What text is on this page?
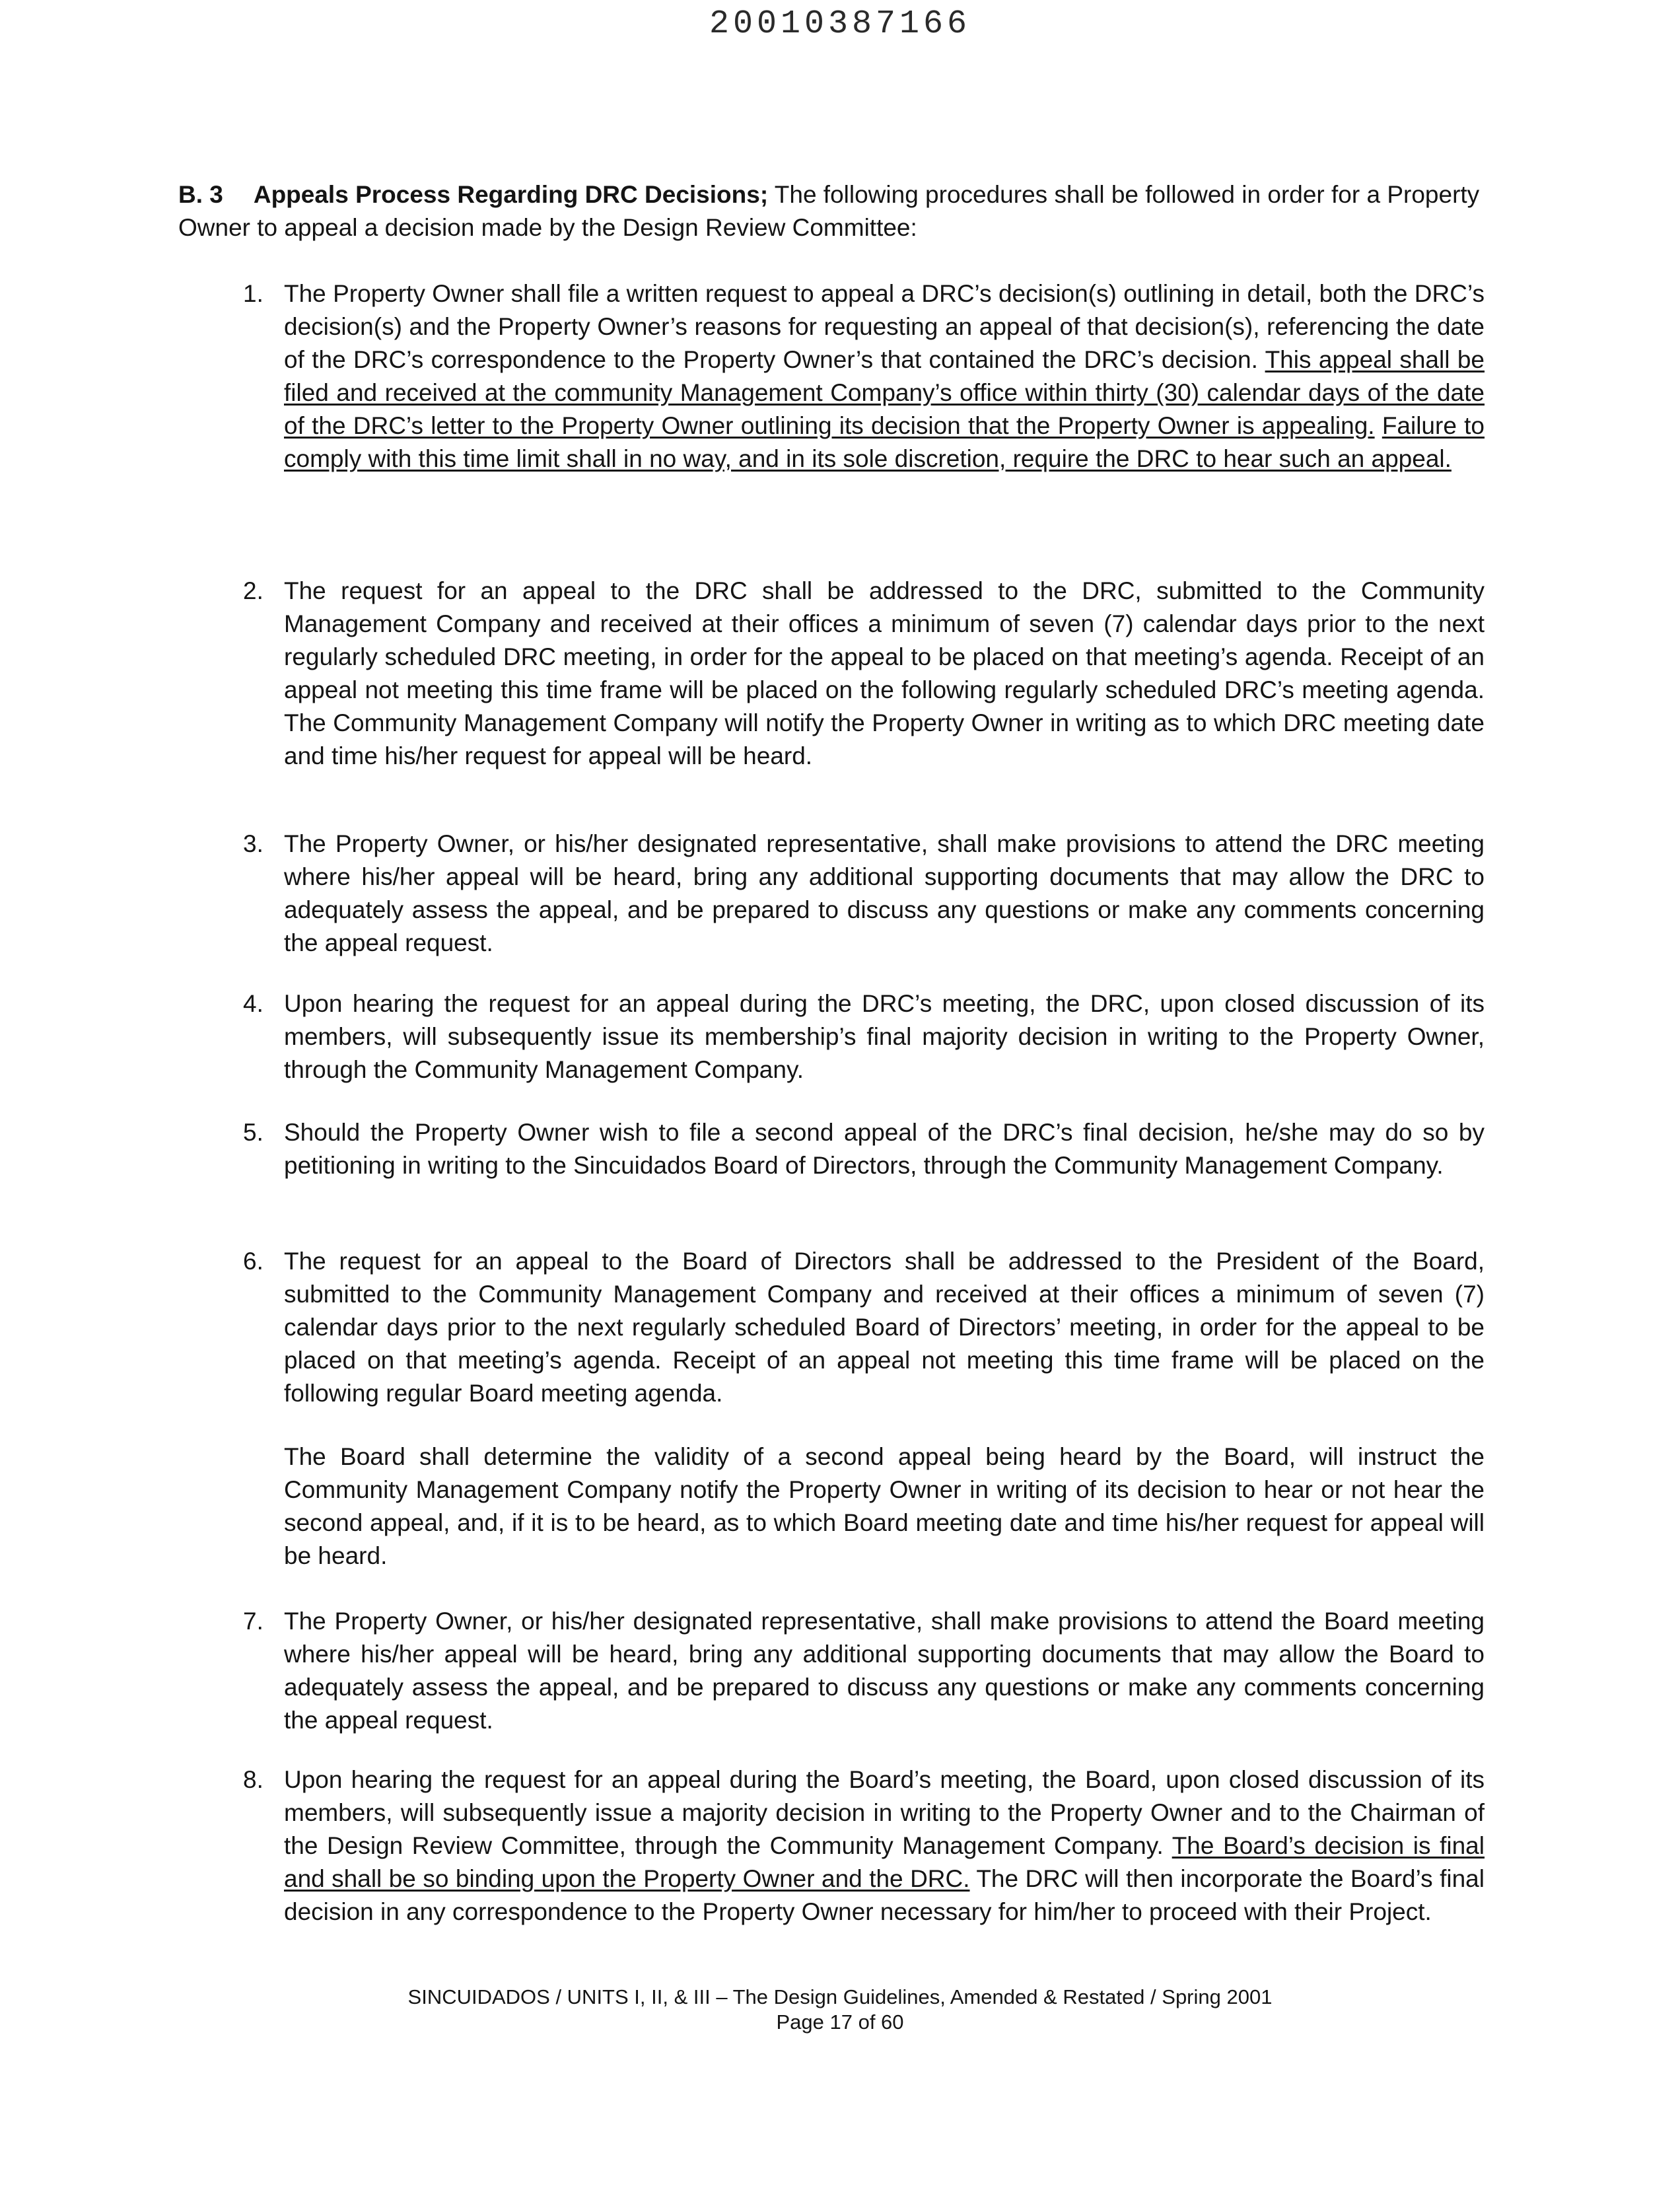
20010387166
B. 3 Appeals Process Regarding DRC Decisions; The following procedures shall be followed in order for a Property Owner to appeal a decision made by the Design Review Committee:
1. The Property Owner shall file a written request to appeal a DRC’s decision(s) outlining in detail, both the DRC’s decision(s) and the Property Owner’s reasons for requesting an appeal of that decision(s), referencing the date of the DRC’s correspondence to the Property Owner’s that contained the DRC’s decision. This appeal shall be filed and received at the community Management Company’s office within thirty (30) calendar days of the date of the DRC’s letter to the Property Owner outlining its decision that the Property Owner is appealing. Failure to comply with this time limit shall in no way, and in its sole discretion, require the DRC to hear such an appeal.
2. The request for an appeal to the DRC shall be addressed to the DRC, submitted to the Community Management Company and received at their offices a minimum of seven (7) calendar days prior to the next regularly scheduled DRC meeting, in order for the appeal to be placed on that meeting’s agenda. Receipt of an appeal not meeting this time frame will be placed on the following regularly scheduled DRC’s meeting agenda. The Community Management Company will notify the Property Owner in writing as to which DRC meeting date and time his/her request for appeal will be heard.
3. The Property Owner, or his/her designated representative, shall make provisions to attend the DRC meeting where his/her appeal will be heard, bring any additional supporting documents that may allow the DRC to adequately assess the appeal, and be prepared to discuss any questions or make any comments concerning the appeal request.
4. Upon hearing the request for an appeal during the DRC’s meeting, the DRC, upon closed discussion of its members, will subsequently issue its membership’s final majority decision in writing to the Property Owner, through the Community Management Company.
5. Should the Property Owner wish to file a second appeal of the DRC’s final decision, he/she may do so by petitioning in writing to the Sincuidados Board of Directors, through the Community Management Company.
6. The request for an appeal to the Board of Directors shall be addressed to the President of the Board, submitted to the Community Management Company and received at their offices a minimum of seven (7) calendar days prior to the next regularly scheduled Board of Directors’ meeting, in order for the appeal to be placed on that meeting’s agenda. Receipt of an appeal not meeting this time frame will be placed on the following regular Board meeting agenda.
The Board shall determine the validity of a second appeal being heard by the Board, will instruct the Community Management Company notify the Property Owner in writing of its decision to hear or not hear the second appeal, and, if it is to be heard, as to which Board meeting date and time his/her request for appeal will be heard.
7. The Property Owner, or his/her designated representative, shall make provisions to attend the Board meeting where his/her appeal will be heard, bring any additional supporting documents that may allow the Board to adequately assess the appeal, and be prepared to discuss any questions or make any comments concerning the appeal request.
8. Upon hearing the request for an appeal during the Board’s meeting, the Board, upon closed discussion of its members, will subsequently issue a majority decision in writing to the Property Owner and to the Chairman of the Design Review Committee, through the Community Management Company. The Board’s decision is final and shall be so binding upon the Property Owner and the DRC. The DRC will then incorporate the Board’s final decision in any correspondence to the Property Owner necessary for him/her to proceed with their Project.
SINCUIDADOS / UNITS I, II, & III – The Design Guidelines, Amended & Restated / Spring 2001
Page 17 of 60
